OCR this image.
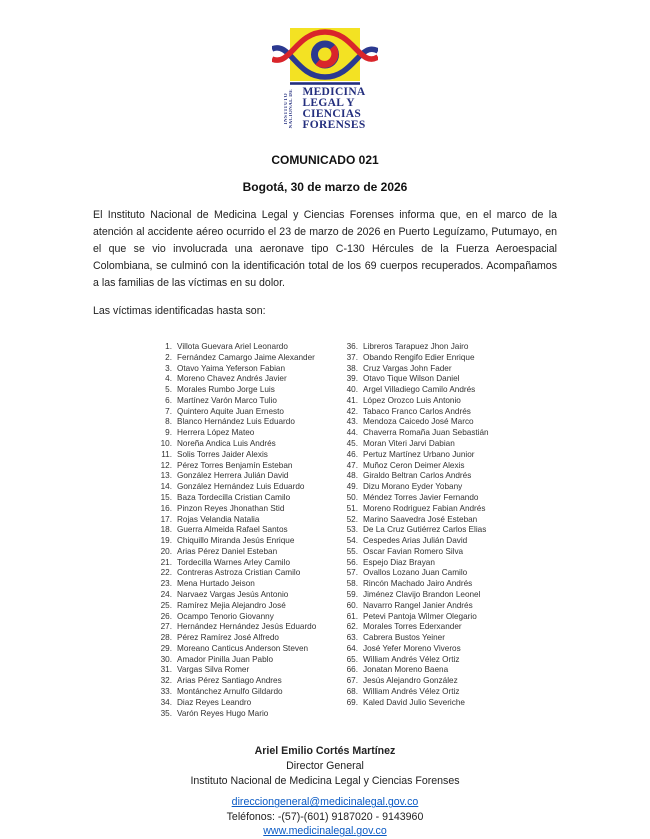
INSTITUTO NACIONAL DE MEDICINA
LEGAL Y
CIENCIAS
FORENSES
COMUNICADO 021
Bogotá, 30 de marzo de 2026

El Instituto Nacional de Medicina Legal y Ciencias Forenses informa que, en el marco de la atención al accidente aéreo ocurrido el 23 de marzo de 2026 en Puerto Leguízamo, Putumayo, en el que se vio involucrada una aeronave tipo C-130 Hércules de la Fuerza Aeroespacial Colombiana, se culminó con la identificación total de los 69 cuerpos recuperados. Acompañamos a las familias de las víctimas en su dolor.

Las víctimas identificadas hasta son:

1. Villota Guevara Ariel Leonardo
2. Fernández Camargo Jaime Alexander
3. Otavo Yaima Yeferson Fabian
4. Moreno Chavez Andrés Javier
5. Morales Rumbo Jorge Luis
6. Martínez Varón Marco Tulio
7. Quintero Aquite Juan Ernesto
8. Blanco Hernández Luis Eduardo
9. Herrera López Mateo
10. Noreña Andica Luis Andrés
11. Solis Torres Jaider Alexis
12. Pérez Torres Benjamín Esteban
13. González Herrera Julián David
14. González Hernández Luis Eduardo
15. Baza Tordecilla Cristian Camilo
16. Pinzon Reyes Jhonathan Stid
17. Rojas Velandia Natalia
18. Guerra Almeida Rafael Santos
19. Chiquillo Miranda Jesús Enrique
20. Arias Pérez Daniel Esteban
21. Tordecilla Warnes Arley Camilo
22. Contreras Astroza Cristian Camilo
23. Mena Hurtado Jeison
24. Narvaez Vargas Jesús Antonio
25. Ramírez Mejia Alejandro José
26. Ocampo Tenorio Giovanny
27. Hernández Hernández Jesús Eduardo
28. Pérez Ramírez José Alfredo
29. Moreano Canticus Anderson Steven
30. Amador Pinilla Juan Pablo
31. Vargas Silva Romer
32. Arias Pérez Santiago Andres
33. Montánchez Arnulfo Gildardo
34. Diaz Reyes Leandro
35. Varón Reyes Hugo Mario
36. Libreros Tarapuez Jhon Jairo
37. Obando Rengifo Edier Enrique
38. Cruz Vargas John Fader
39. Otavo Tique Wilson Daniel
40. Argel Villadiego Camilo Andrés
41. López Orozco Luis Antonio
42. Tabaco Franco Carlos Andrés
43. Mendoza Caicedo José Marco
44. Chaverra Romaña Juan Sebastián
45. Moran Viteri Jarvi Dabian
46. Pertuz Martínez Urbano Junior
47. Muñoz Ceron Deimer Alexis
48. Giraldo Beltran Carlos Andrés
49. Dizu Morano Eyder Yobany
50. Méndez Torres Javier Fernando
51. Moreno Rodriguez Fabian Andrés
52. Marino Saavedra José Esteban
53. De La Cruz Gutiérrez Carlos Elias
54. Cespedes Arias Julián David
55. Oscar Favian Romero Silva
56. Espejo Diaz Brayan
57. Ovallos Lozano Juan Camilo
58. Rincón Machado Jairo Andrés
59. Jiménez Clavijo Brandon Leonel
60. Navarro Rangel Janier Andrés
61. Petevi Pantoja Wilmer Olegario
62. Morales Torres Ederxander
63. Cabrera Bustos Yeiner
64. José Yefer Moreno Viveros
65. William Andrés Vélez Ortiz
66. Jonatan Moreno Baena
67. Jesús Alejandro González
68. William Andrés Vélez Ortiz
69. Kaled David Julio Severiche
Ariel Emilio Cortés Martínez
Director General
Instituto Nacional de Medicina Legal y Ciencias Forenses
direcciongeneral@medicinalegal.gov.co
Teléfonos: -(57)-(601) 9187020 - 9143960
www.medicinalegal.gov.co
